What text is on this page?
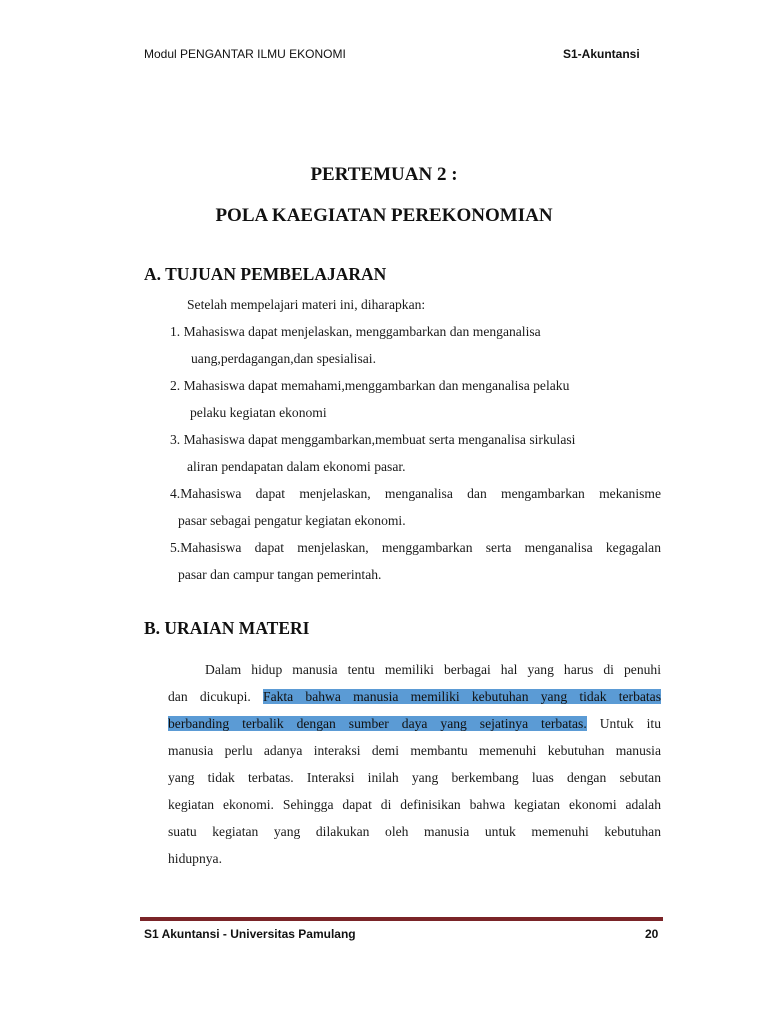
Modul PENGANTAR ILMU EKONOMI	S1-Akuntansi
PERTEMUAN 2 :
POLA KAEGIATAN PEREKONOMIAN
A. TUJUAN PEMBELAJARAN
Setelah mempelajari materi ini, diharapkan:
1. Mahasiswa dapat menjelaskan, menggambarkan dan menganalisa
uang,perdagangan,dan spesialisai.
2. Mahasiswa dapat memahami,menggambarkan dan menganalisa pelaku
pelaku kegiatan ekonomi
3. Mahasiswa dapat menggambarkan,membuat serta menganalisa sirkulasi
aliran pendapatan dalam ekonomi pasar.
4.Mahasiswa dapat menjelaskan, menganalisa dan mengambarkan mekanisme
pasar sebagai pengatur kegiatan ekonomi.
5.Mahasiswa dapat menjelaskan, menggambarkan serta menganalisa kegagalan
pasar dan campur tangan pemerintah.
B. URAIAN MATERI
Dalam hidup manusia tentu memiliki berbagai hal yang harus di penuhi
dan dicukupi. Fakta bahwa manusia memiliki kebutuhan yang tidak terbatas
berbanding terbalik dengan sumber daya yang sejatinya terbatas. Untuk itu
manusia perlu adanya interaksi demi membantu memenuhi kebutuhan manusia
yang tidak terbatas. Interaksi inilah yang berkembang luas dengan sebutan
kegiatan ekonomi. Sehingga dapat di definisikan bahwa kegiatan ekonomi adalah
suatu kegiatan yang dilakukan oleh manusia untuk memenuhi kebutuhan
hidupnya.
S1 Akuntansi - Universitas Pamulang	20
